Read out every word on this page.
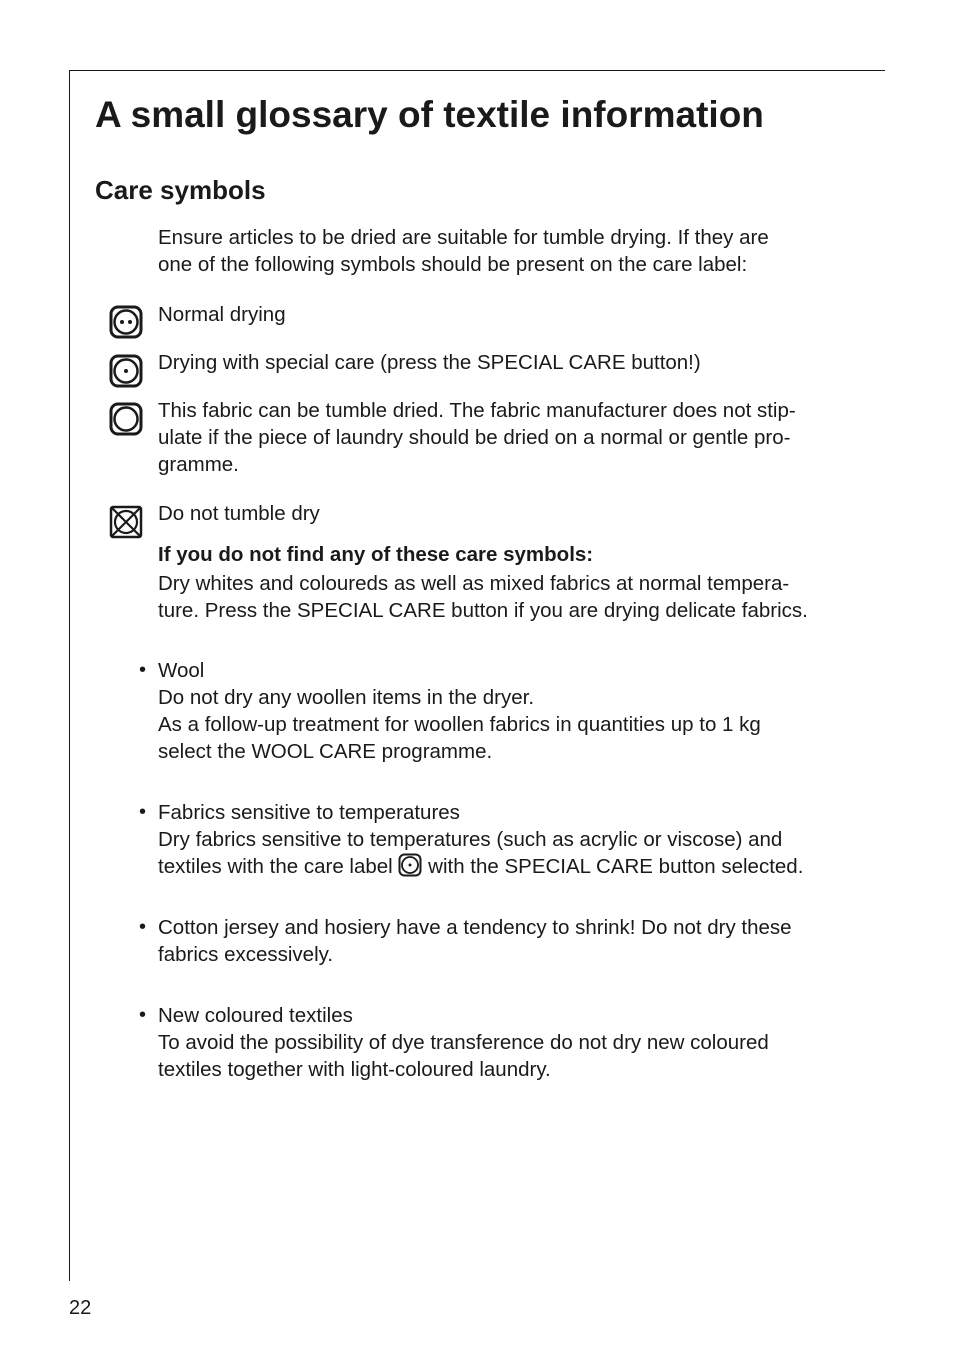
A small glossary of textile information
Care symbols

Ensure articles to be dried are suitable for tumble drying. If they are
one of the following symbols should be present on the care label:

Normal drying

Drying with special care (press the SPECIAL CARE button!)

This fabric can be tumble dried. The fabric manufacturer does not stip-
ulate if the piece of laundry should be dried on a normal or gentle pro-
gramme.

Do not tumble dry

If you do not find any of these care symbols:

Dry whites and coloureds as well as mixed fabrics at normal tempera-
ture. Press the SPECIAL CARE button if you are drying delicate fabrics.

• Wool
Do not dry any woollen items in the dryer.
As a follow-up treatment for woollen fabrics in quantities up to 1 kg
select the WOOL CARE programme.

• Fabrics sensitive to temperatures
Dry fabrics sensitive to temperatures (such as acrylic or viscose) and
textiles with the care label with the SPECIAL CARE button selected.

• Cotton jersey and hosiery have a tendency to shrink! Do not dry these
fabrics excessively.

• New coloured textiles
To avoid the possibility of dye transference do not dry new coloured
textiles together with light-coloured laundry.

22
